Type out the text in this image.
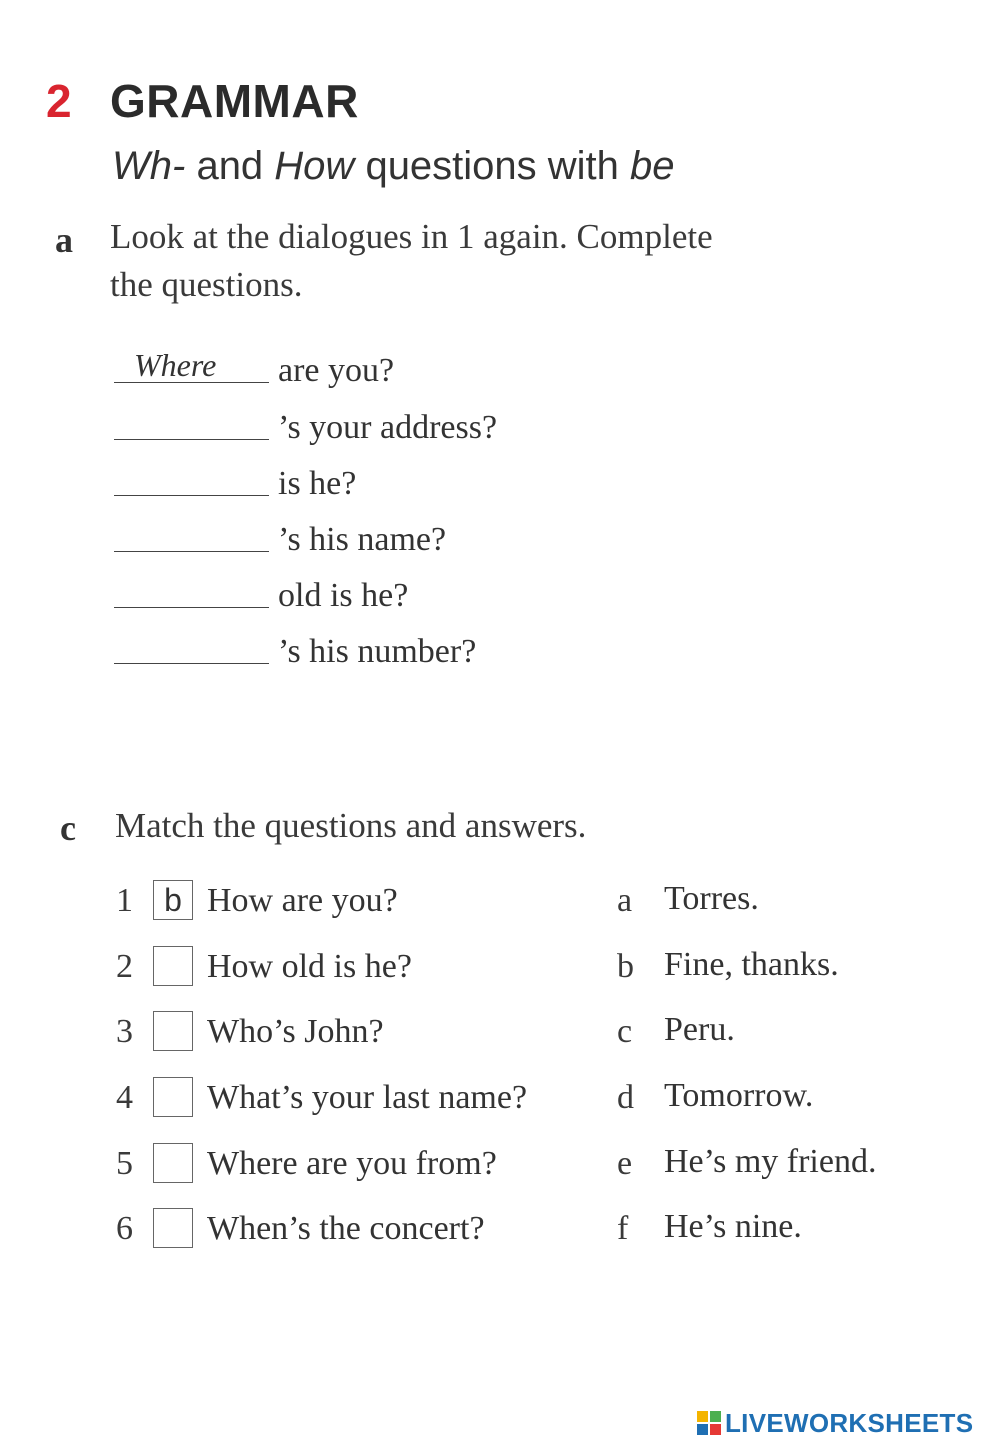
2 GRAMMAR
Wh- and How questions with be
a Look at the dialogues in 1 again. Complete
the questions.
Where are you?
’s your address?
is he?
’s his name?
old is he?
’s his number?
c Match the questions and answers.
1 b How are you?	a Torres.
2 How old is he?	b Fine, thanks.
3 Who’s John?	c Peru.
4 What’s your last name?	d Tomorrow.
5 Where are you from?	e He’s my friend.
6 When’s the concert?	f He’s nine.
LIVEWORKSHEETS
